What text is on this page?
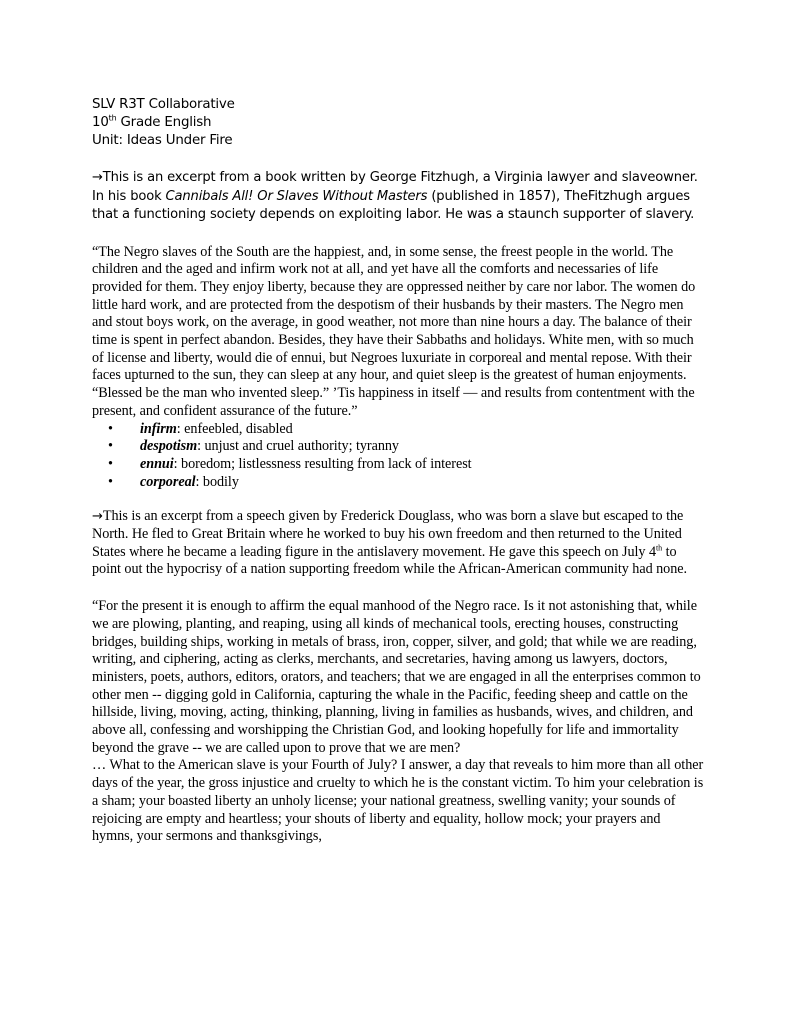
SLV R3T Collaborative
10th Grade English
Unit: Ideas Under Fire

→This is an excerpt from a book written by George Fitzhugh, a Virginia lawyer and slaveowner. In his book Cannibals All! Or Slaves Without Masters (published in 1857), TheFitzhugh argues that a functioning society depends on exploiting labor. He was a staunch supporter of slavery.

“The Negro slaves of the South are the happiest, and, in some sense, the freest people in the world. The children and the aged and infirm work not at all, and yet have all the comforts and necessaries of life provided for them. They enjoy liberty, because they are oppressed neither by care nor labor. The women do little hard work, and are protected from the despotism of their husbands by their masters. The Negro men and stout boys work, on the average, in good weather, not more than nine hours a day. The balance of their time is spent in perfect abandon. Besides, they have their Sabbaths and holidays. White men, with so much of license and liberty, would die of ennui, but Negroes luxuriate in corporeal and mental repose. With their faces upturned to the sun, they can sleep at any hour, and quiet sleep is the greatest of human enjoyments. “Blessed be the man who invented sleep.” ’Tis happiness in itself — and results from contentment with the present, and confident assurance of the future.”

• infirm: enfeebled, disabled
• despotism: unjust and cruel authority; tyranny
• ennui: boredom; listlessness resulting from lack of interest
• corporeal: bodily

→This is an excerpt from a speech given by Frederick Douglass, who was born a slave but escaped to the North. He fled to Great Britain where he worked to buy his own freedom and then returned to the United States where he became a leading figure in the antislavery movement. He gave this speech on July 4th to point out the hypocrisy of a nation supporting freedom while the African-American community had none.

“For the present it is enough to affirm the equal manhood of the Negro race. Is it not astonishing that, while we are plowing, planting, and reaping, using all kinds of mechanical tools, erecting houses, constructing bridges, building ships, working in metals of brass, iron, copper, silver, and gold; that while we are reading, writing, and ciphering, acting as clerks, merchants, and secretaries, having among us lawyers, doctors, ministers, poets, authors, editors, orators, and teachers; that we are engaged in all the enterprises common to other men -- digging gold in California, capturing the whale in the Pacific, feeding sheep and cattle on the hillside, living, moving, acting, thinking, planning, living in families as husbands, wives, and children, and above all, confessing and worshipping the Christian God, and looking hopefully for life and immortality beyond the grave -- we are called upon to prove that we are men?

… What to the American slave is your Fourth of July? I answer, a day that reveals to him more than all other days of the year, the gross injustice and cruelty to which he is the constant victim. To him your celebration is a sham; your boasted liberty an unholy license; your national greatness, swelling vanity; your sounds of rejoicing are empty and heartless; your shouts of liberty and equality, hollow mock; your prayers and hymns, your sermons and thanksgivings,
